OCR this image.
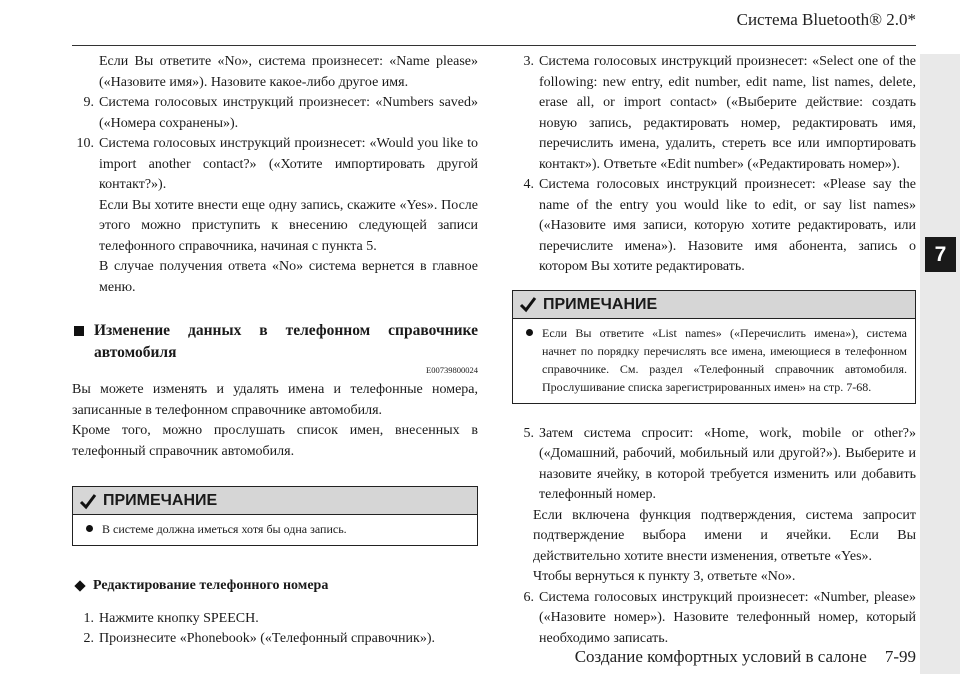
Система Bluetooth® 2.0*
7

Если Вы ответите «No», система произнесет: «Name please» («Назовите имя»). Назовите какое-либо другое имя.

9. Система голосовых инструкций произнесет: «Numbers saved» («Номера сохранены»).
10. Система голосовых инструкций произнесет: «Would you like to import another contact?» («Хотите импортировать другой контакт?»).

Если Вы хотите внести еще одну запись, скажите «Yes». После этого можно приступить к внесению следующей записи телефонного справочника, начиная с пункта 5.

В случае получения ответа «No» система вернется в главное меню.

Изменение данных в телефонном справочнике автомобиля
E00739800024

Вы можете изменять и удалять имена и телефонные номера, записанные в телефонном справочнике автомобиля.

Кроме того, можно прослушать список имен, внесенных в телефонный справочник автомобиля.

ПРИМЕЧАНИЕ
В системе должна иметься хотя бы одна запись.
Редактирование телефонного номера
1. Нажмите кнопку SPEECH.
2. Произнесите «Phonebook» («Телефонный справочник»).
3. Система голосовых инструкций произнесет: «Select one of the following: new entry, edit number, edit name, list names, delete, erase all, or import contact» («Выберите действие: создать новую запись, редактировать номер, редактировать имя, перечислить имена, удалить, стереть все или импортировать контакт»). Ответьте «Edit number» («Редактировать номер»).
4. Система голосовых инструкций произнесет: «Please say the name of the entry you would like to edit, or say list names» («Назовите имя записи, которую хотите редактировать, или перечислите имена»). Назовите имя абонента, запись о котором Вы хотите редактировать.
ПРИМЕЧАНИЕ
Если Вы ответите «List names» («Перечислить имена»), система начнет по порядку перечислять все имена, имеющиеся в телефонном справочнике. См. раздел «Телефонный справочник автомобиля. Прослушивание списка зарегистрированных имен» на стр. 7-68.
5. Затем система спросит: «Home, work, mobile or other?» («Домашний, рабочий, мобильный или другой?»). Выберите и назовите ячейку, в которой требуется изменить или добавить телефонный номер.

Если включена функция подтверждения, система запросит подтверждение выбора имени и ячейки. Если Вы действительно хотите внести изменения, ответьте «Yes».

Чтобы вернуться к пункту 3, ответьте «No».

6. Система голосовых инструкций произнесет: «Number, please» («Назовите номер»). Назовите телефонный номер, который необходимо записать.
Создание комфортных условий в салоне 7-99
